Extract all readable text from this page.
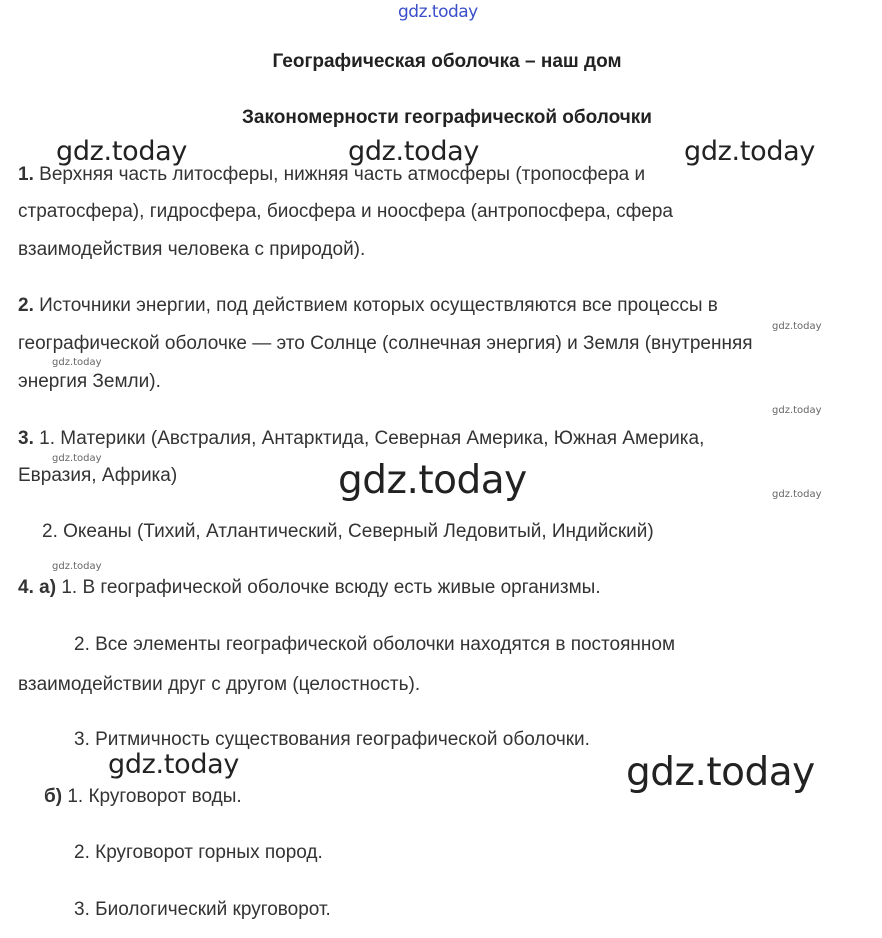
gdz.today
Географическая оболочка – наш дом
Закономерности географической оболочки
gdz.today	gdz.today	gdz.today
1. Верхняя часть литосферы, нижняя часть атмосферы (тропосфера и
стратосфера), гидросфера, биосфера и ноосфера (антропосфера, сфера
взаимодействия человека с природой).
2. Источники энергии, под действием которых осуществляются все процессы в
gdz.today
географической оболочке — это Солнце (солнечная энергия) и Земля (внутренняя
gdz.today
энергия Земли).
gdz.today
3. 1. Материки (Австралия, Антарктида, Северная Америка, Южная Америка,
gdz.today
Евразия, Африка)	gdz.today	gdz.today
2. Океаны (Тихий, Атлантический, Северный Ледовитый, Индийский)
gdz.today
4. а) 1. В географической оболочке всюду есть живые организмы.
2. Все элементы географической оболочки находятся в постоянном
взаимодействии друг с другом (целостность).
3. Ритмичность существования географической оболочки.
gdz.today	gdz.today
б) 1. Круговорот воды.
2. Круговорот горных пород.
3. Биологический круговорот.
